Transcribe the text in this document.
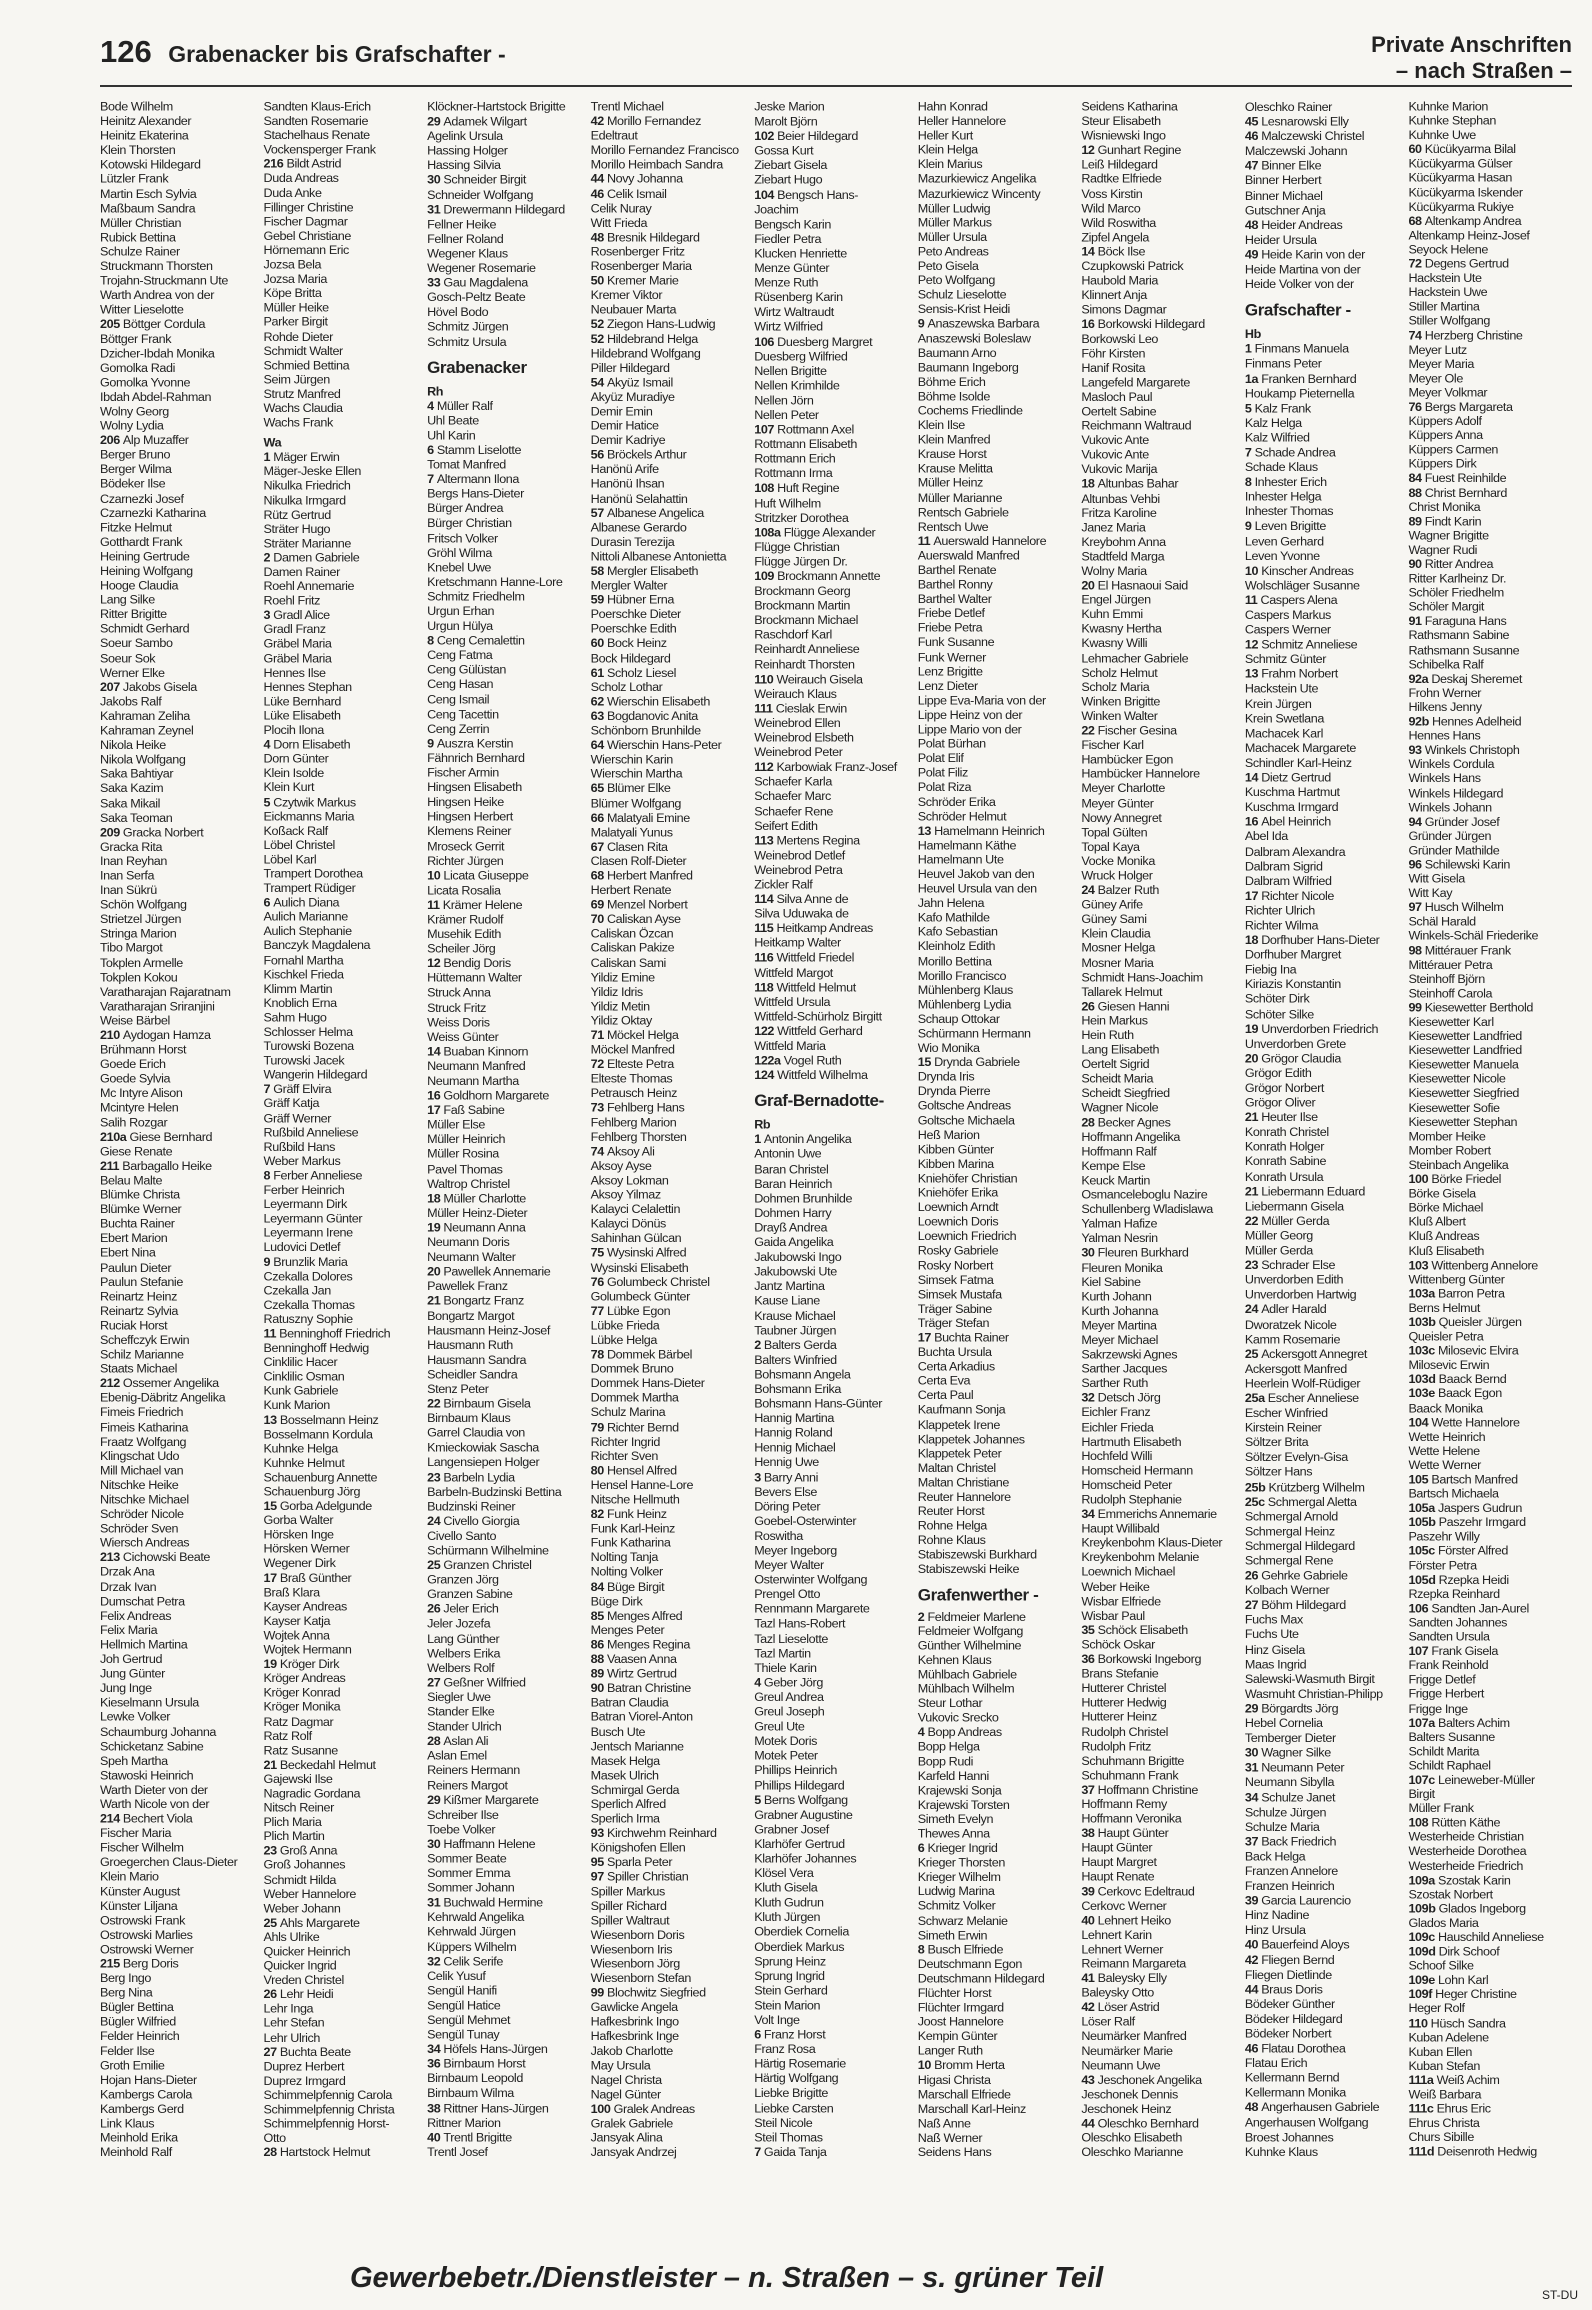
126 Grabenacker bis Grafschafter -	Private Anschriften
– nach Straßen –
Bode Wilhelm
Heinitz Alexander
Heinitz Ekaterina
Klein Thorsten
Kotowski Hildegard
Lützler Frank
Martin Esch Sylvia
Maßbaum Sandra
Müller Christian
Rubick Bettina
Schulze Rainer
Struckmann Thorsten
Trojahn-Struckmann Ute
Warth Andrea von der
Witter Lieselotte
205 Böttger Cordula
Böttger Frank
Dzicher-Ibdah Monika
Gomolka Radi
Gomolka Yvonne
Ibdah Abdel-Rahman
Wolny Georg
Wolny Lydia
206 Alp Muzaffer
Berger Bruno
Berger Wilma
Bödeker Ilse
Czarnezki Josef
Czarnezki Katharina
Fitzke Helmut
Gotthardt Frank
Heining Gertrude
Heining Wolfgang
Hooge Claudia
Lang Silke
Ritter Brigitte
Schmidt Gerhard
Soeur Sambo
Soeur Sok
Werner Elke
207 Jakobs Gisela
Jakobs Ralf
Kahraman Zeliha
Kahraman Zeynel
Nikola Heike
Nikola Wolfgang
Saka Bahtiyar
Saka Kazim
Saka Mikail
Saka Teoman
209 Gracka Norbert
Gracka Rita
Inan Reyhan
Inan Serfa
Inan Sükrü
Schön Wolfgang
Strietzel Jürgen
Stringa Marion
Tibo Margot
Tokplen Armelle
Tokplen Kokou
Varatharajan Rajaratnam
Varatharajan Sriranjini
Weise Bärbel
210 Aydogan Hamza
Brühmann Horst
Goede Erich
Goede Sylvia
Mc Intyre Alison
Mcintyre Helen
Salih Rozgar
210a Giese Bernhard
Giese Renate
211 Barbagallo Heike
Belau Malte
Blümke Christa
Blümke Werner
Buchta Rainer
Ebert Marion
Ebert Nina
Paulun Dieter
Paulun Stefanie
Reinartz Heinz
Reinartz Sylvia
Ruciak Horst
Scheffczyk Erwin
Schilz Marianne
Staats Michael
212 Ossemer Angelika
Ebenig-Däbritz Angelika
Fimeis Friedrich
Fimeis Katharina
Fraatz Wolfgang
Klingschat Udo
Mill Michael van
Nitschke Heike
Nitschke Michael
Schröder Nicole
Schröder Sven
Wiersch Andreas
213 Cichowski Beate
Drzak Ana
Drzak Ivan
Dumschat Petra
Felix Andreas
Felix Maria
Hellmich Martina
Joh Gertrud
Jung Günter
Jung Inge
Kieselmann Ursula
Lewke Volker
Schaumburg Johanna
Schicketanz Sabine
Speh Martha
Stawoski Heinrich
Warth Dieter von der
Warth Nicole von der
214 Bechert Viola
Fischer Maria
Fischer Wilhelm
Groegerchen Claus-Dieter
Klein Mario
Künster August
Künster Liljana
Ostrowski Frank
Ostrowski Marlies
Ostrowski Werner
215 Berg Doris
Berg Ingo
Berg Nina
Bügler Bettina
Bügler Wilfried
Felder Heinrich
Felder Ilse
Groth Emilie
Hojan Hans-Dieter
Kambergs Carola
Kambergs Gerd
Link Klaus
Meinhold Erika
Meinhold Ralf
Sandten Klaus-Erich
Sandten Rosemarie
Stachelhaus Renate
Vockensperger Frank
216 Bildt Astrid
Duda Andreas
Duda Anke
Fillinger Christine
Fischer Dagmar
Gebel Christiane
Hörnemann Eric
Jozsa Bela
Jozsa Maria
Köpe Britta
Müller Heike
Parker Birgit
Rohde Dieter
Schmidt Walter
Schmied Bettina
Seim Jürgen
Strutz Manfred
Wachs Claudia
Wachs Frank
Wa
1 Mäger Erwin
Mäger-Jeske Ellen
Nikulka Friedrich
Nikulka Irmgard
Rütz Gertrud
Sträter Hugo
Sträter Marianne
2 Damen Gabriele
Damen Rainer
Roehl Annemarie
Roehl Fritz
3 Gradl Alice
Gradl Franz
Gräbel Maria
Gräbel Maria
Hennes Ilse
Hennes Stephan
Lüke Bernhard
Lüke Elisabeth
Plocih Ilona
4 Dorn Elisabeth
Dorn Günter
Klein Isolde
Klein Kurt
5 Czytwik Markus
Eickmanns Maria
Koßack Ralf
Löbel Christel
Löbel Karl
Trampert Dorothea
Trampert Rüdiger
6 Aulich Diana
Aulich Marianne
Aulich Stephanie
Banczyk Magdalena
Fornahl Martha
Kischkel Frieda
Klimm Martin
Knoblich Erna
Sahm Hugo
Schlosser Helma
Turowski Bozena
Turowski Jacek
Wangerin Hildegard
7 Gräff Elvira
Gräff Katja
Gräff Werner
Rußbild Anneliese
Rußbild Hans
Weber Markus
8 Ferber Anneliese
Ferber Heinrich
Leyermann Dirk
Leyermann Günter
Leyermann Irene
Ludovici Detlef
9 Brunzlik Maria
Czekalla Dolores
Czekalla Jan
Czekalla Thomas
Ratuszny Sophie
11 Benninghoff Friedrich
Benninghoff Hedwig
Cinklilic Hacer
Cinklilic Osman
Kunk Gabriele
Kunk Marion
13 Bosselmann Heinz
Bosselmann Kordula
Kuhnke Helga
Kuhnke Helmut
Schauenburg Annette
Schauenburg Jörg
15 Gorba Adelgunde
Gorba Walter
Hörsken Inge
Hörsken Werner
Wegener Dirk
17 Braß Günther
Braß Klara
Kayser Andreas
Kayser Katja
Wojtek Anna
Wojtek Hermann
19 Kröger Dirk
Kröger Andreas
Kröger Konrad
Kröger Monika
Ratz Dagmar
Ratz Rolf
Ratz Susanne
21 Beckedahl Helmut
Gajewski Ilse
Nagradic Gordana
Nitsch Reiner
Plich Maria
Plich Martin
23 Groß Anna
Groß Johannes
Schmidt Hilda
Weber Hannelore
Weber Johann
25 Ahls Margarete
Ahls Ulrike
Quicker Heinrich
Quicker Ingrid
Vreden Christel
26 Lehr Heidi
Lehr Inga
Lehr Stefan
Lehr Ulrich
27 Buchta Beate
Duprez Herbert
Duprez Irmgard
Schimmelpfennig Carola
Schimmelpfennig Christa
Schimmelpfennig Horst-
Otto
28 Hartstock Helmut
Klöckner-Hartstock Brigitte
29 Adamek Wilgart
Agelink Ursula
Hassing Holger
Hassing Silvia
30 Schneider Birgit
Schneider Wolfgang
31 Drewermann Hildegard
Fellner Heike
Fellner Roland
Wegener Klaus
Wegener Rosemarie
33 Gau Magdalena
Gosch-Peltz Beate
Hövel Bodo
Schmitz Jürgen
Schmitz Ursula
Grabenacker
Rh
4 Müller Ralf
Uhl Beate
Uhl Karin
6 Stamm Liselotte
Tomat Manfred
7 Altermann Ilona
Bergs Hans-Dieter
Bürger Andrea
Bürger Christian
Fritsch Volker
Gröhl Wilma
Knebel Uwe
Kretschmann Hanne-Lore
Schmitz Friedhelm
Urgun Erhan
Urgun Hülya
8 Ceng Cemalettin
Ceng Fatma
Ceng Gülüstan
Ceng Hasan
Ceng Ismail
Ceng Tacettin
Ceng Zerrin
9 Auszra Kerstin
Fähnrich Bernhard
Fischer Armin
Hingsen Elisabeth
Hingsen Heike
Hingsen Herbert
Klemens Reiner
Mroseck Gerrit
Richter Jürgen
10 Licata Giuseppe
Licata Rosalia
11 Krämer Helene
Krämer Rudolf
Musehik Edith
Scheiler Jörg
12 Bendig Doris
Hüttemann Walter
Struck Anna
Struck Fritz
Weiss Doris
Weiss Günter
14 Buaban Kinnorn
Neumann Manfred
Neumann Martha
16 Goldhorn Margarete
17 Faß Sabine
Müller Else
Müller Heinrich
Müller Rosina
Pavel Thomas
Waltrop Christel
18 Müller Charlotte
Müller Heinz-Dieter
19 Neumann Anna
Neumann Doris
Neumann Walter
20 Pawellek Annemarie
Pawellek Franz
21 Bongartz Franz
Bongartz Margot
Hausmann Heinz-Josef
Hausmann Ruth
Hausmann Sandra
Scheidler Sandra
Stenz Peter
22 Birnbaum Gisela
Birnbaum Klaus
Garrel Claudia von
Kmieckowiak Sascha
Langensiepen Holger
23 Barbeln Lydia
Barbeln-Budzinski Bettina
Budzinski Reiner
24 Civello Giorgia
Civello Santo
Schürmann Wilhelmine
25 Granzen Christel
Granzen Jörg
Granzen Sabine
26 Jeler Erich
Jeler Jozefa
Lang Günther
Welbers Erika
Welbers Rolf
27 Geßner Wilfried
Siegler Uwe
Stander Elke
Stander Ulrich
28 Aslan Ali
Aslan Emel
Reiners Hermann
Reiners Margot
29 Kißmer Margarete
Schreiber Ilse
Toebe Volker
30 Haffmann Helene
Sommer Beate
Sommer Emma
Sommer Johann
31 Buchwald Hermine
Kehrwald Angelika
Kehrwald Jürgen
Küppers Wilhelm
32 Celik Serife
Celik Yusuf
Sengül Hanifi
Sengül Hatice
Sengül Mehmet
Sengül Tunay
34 Höfels Hans-Jürgen
36 Birnbaum Horst
Birnbaum Leopold
Birnbaum Wilma
38 Rittner Hans-Jürgen
Rittner Marion
40 Trentl Brigitte
Trentl Josef
Trentl Michael
42 Morillo Fernandez
Edeltraut
Morillo Fernandez Francisco
Morillo Heimbach Sandra
44 Novy Johanna
46 Celik Ismail
Celik Nuray
Witt Frieda
48 Bresnik Hildegard
Rosenberger Fritz
Rosenberger Maria
50 Kremer Marie
Kremer Viktor
Neubauer Marta
52 Ziegon Hans-Ludwig
52 Hildebrand Helga
Hildebrand Wolfgang
Piller Hildegard
54 Akyüz Ismail
Akyüz Muradiye
Demir Emin
Demir Hatice
Demir Kadriye
56 Bröckels Arthur
Hanönü Arife
Hanönü Ihsan
Hanönü Selahattin
57 Albanese Angelica
Albanese Gerardo
Durasin Terezija
Nittoli Albanese Antonietta
58 Mergler Elisabeth
Mergler Walter
59 Hübner Erna
Poerschke Dieter
Poerschke Edith
60 Bock Heinz
Bock Hildegard
61 Scholz Liesel
Scholz Lothar
62 Wierschin Elisabeth
63 Bogdanovic Anita
Schönborn Brunhilde
64 Wierschin Hans-Peter
Wierschin Karin
Wierschin Martha
65 Blümer Elke
Blümer Wolfgang
66 Malatyali Emine
Malatyali Yunus
67 Clasen Rita
Clasen Rolf-Dieter
68 Herbert Manfred
Herbert Renate
69 Menzel Norbert
70 Caliskan Ayse
Caliskan Özcan
Caliskan Pakize
Caliskan Sami
Yildiz Emine
Yildiz Idris
Yildiz Metin
Yildiz Oktay
71 Möckel Helga
Möckel Manfred
72 Elteste Petra
Elteste Thomas
Petrausch Heinz
73 Fehlberg Hans
Fehlberg Marion
Fehlberg Thorsten
74 Aksoy Ali
Aksoy Ayse
Aksoy Lokman
Aksoy Yilmaz
Kalayci Celalettin
Kalayci Dönüs
Sahinhan Gülcan
75 Wysinski Alfred
Wysinski Elisabeth
76 Golumbeck Christel
Golumbeck Günter
77 Lübke Egon
Lübke Frieda
Lübke Helga
78 Dommek Bärbel
Dommek Bruno
Dommek Hans-Dieter
Dommek Martha
Schulz Marina
79 Richter Bernd
Richter Ingrid
Richter Sven
80 Hensel Alfred
Hensel Hanne-Lore
Nitsche Hellmuth
82 Funk Heinz
Funk Karl-Heinz
Funk Katharina
Nolting Tanja
Nolting Volker
84 Büge Birgit
Büge Dirk
85 Menges Alfred
Menges Peter
86 Menges Regina
88 Vaasen Anna
89 Wirtz Gertrud
90 Batran Christine
Batran Claudia
Batran Viorel-Anton
Busch Ute
Jentsch Marianne
Masek Helga
Masek Ulrich
Schmirgal Gerda
Sperlich Alfred
Sperlich Irma
93 Kirchwehm Reinhard
Königshofen Ellen
95 Sparla Peter
97 Spiller Christian
Spiller Markus
Spiller Richard
Spiller Waltraut
Wiesenborn Doris
Wiesenborn Iris
Wiesenborn Jörg
Wiesenborn Stefan
99 Blochwitz Siegfried
Gawlicke Angela
Hafkesbrink Ingo
Hafkesbrink Inge
Jakob Charlotte
May Ursula
Nagel Christa
Nagel Günter
100 Gralek Andreas
Gralek Gabriele
Jansyak Alina
Jansyak Andrzej
Jeske Marion
Marolt Björn
102 Beier Hildegard
Gossa Kurt
Ziebart Gisela
Ziebart Hugo
104 Bengsch Hans-
Joachim
Bengsch Karin
Fiedler Petra
Klucken Henriette
Menze Günter
Menze Ruth
Rüsenberg Karin
Wirtz Waltraudt
Wirtz Wilfried
106 Duesberg Margret
Duesberg Wilfried
Nellen Brigitte
Nellen Krimhilde
Nellen Jörn
Nellen Peter
107 Rottmann Axel
Rottmann Elisabeth
Rottmann Erich
Rottmann Irma
108 Huft Regine
Huft Wilhelm
Stritzker Dorothea
108a Flügge Alexander
Flügge Christian
Flügge Jürgen Dr.
109 Brockmann Annette
Brockmann Georg
Brockmann Martin
Brockmann Michael
Raschdorf Karl
Reinhardt Anneliese
Reinhardt Thorsten
110 Weirauch Gisela
Weirauch Klaus
111 Cieslak Erwin
Weinebrod Ellen
Weinebrod Elsbeth
Weinebrod Peter
112 Karbowiak Franz-Josef
Schaefer Karla
Schaefer Marc
Schaefer Rene
Seifert Edith
113 Mertens Regina
Weinebrod Detlef
Weinebrod Petra
Zickler Ralf
114 Silva Anne de
Silva Uduwaka de
115 Heitkamp Andreas
Heitkamp Walter
116 Wittfeld Friedel
Wittfeld Margot
118 Wittfeld Helmut
Wittfeld Ursula
Wittfeld-Schürholz Birgitt
122 Wittfeld Gerhard
Wittfeld Maria
122a Vogel Ruth
124 Wittfeld Wilhelma
Graf-Bernadotte-
Rb
1 Antonin Angelika
Antonin Uwe
Baran Christel
Baran Heinrich
Dohmen Brunhilde
Dohmen Harry
Drayß Andrea
Gaida Angelika
Jakubowski Ingo
Jakubowski Ute
Jantz Martina
Kause Liane
Krause Michael
Taubner Jürgen
2 Balters Gerda
Balters Winfried
Bohsmann Angela
Bohsmann Erika
Bohsmann Hans-Günter
Hannig Martina
Hannig Roland
Hennig Michael
Hennig Uwe
3 Barry Anni
Bevers Else
Döring Peter
Goebel-Osterwinter
Roswitha
Meyer Ingeborg
Meyer Walter
Osterwinter Wolfgang
Prengel Otto
Rennmann Margarete
Tazl Hans-Robert
Tazl Lieselotte
Tazl Martin
Thiele Karin
4 Geber Jörg
Greul Andrea
Greul Joseph
Greul Ute
Motek Doris
Motek Peter
Phillips Heinrich
Phillips Hildegard
5 Berns Wolfgang
Grabner Augustine
Grabner Josef
Klarhöfer Gertrud
Klarhöfer Johannes
Klösel Vera
Kluth Gisela
Kluth Gudrun
Kluth Jürgen
Oberdiek Cornelia
Oberdiek Markus
Sprung Heinz
Sprung Ingrid
Stein Gerhard
Stein Marion
Volt Inge
6 Franz Horst
Franz Rosa
Härtig Rosemarie
Härtig Wolfgang
Liebke Brigitte
Liebke Carsten
Steil Nicole
Steil Thomas
7 Gaida Tanja
Hahn Konrad
Heller Hannelore
Heller Kurt
Klein Helga
Klein Marius
Mazurkiewicz Angelika
Mazurkiewicz Wincenty
Müller Ludwig
Müller Markus
Müller Ursula
Peto Andreas
Peto Gisela
Peto Wolfgang
Schulz Lieselotte
Sensis-Krist Heidi
9 Anaszewska Barbara
Anaszewski Boleslaw
Baumann Arno
Baumann Ingeborg
Böhme Erich
Böhme Isolde
Cochems Friedlinde
Klein Ilse
Klein Manfred
Krause Horst
Krause Melitta
Müller Heinz
Müller Marianne
Rentsch Gabriele
Rentsch Uwe
11 Auerswald Hannelore
Auerswald Manfred
Barthel Renate
Barthel Ronny
Barthel Walter
Friebe Detlef
Friebe Petra
Funk Susanne
Funk Werner
Lenz Brigitte
Lenz Dieter
Lippe Eva-Maria von der
Lippe Heinz von der
Lippe Mario von der
Polat Bürhan
Polat Elif
Polat Filiz
Polat Riza
Schröder Erika
Schröder Helmut
13 Hamelmann Heinrich
Hamelmann Käthe
Hamelmann Ute
Heuvel Jakob van den
Heuvel Ursula van den
Jahn Helena
Kafo Mathilde
Kafo Sebastian
Kleinholz Edith
Morillo Bettina
Morillo Francisco
Mühlenberg Klaus
Mühlenberg Lydia
Schaup Ottokar
Schürmann Hermann
Wio Monika
15 Drynda Gabriele
Drynda Iris
Drynda Pierre
Goltsche Andreas
Goltsche Michaela
Heß Marion
Kibben Günter
Kibben Marina
Kniehöfer Christian
Kniehöfer Erika
Loewnich Arndt
Loewnich Doris
Loewnich Friedrich
Rosky Gabriele
Rosky Norbert
Simsek Fatma
Simsek Mustafa
Träger Sabine
Träger Stefan
17 Buchta Rainer
Buchta Ursula
Certa Arkadius
Certa Eva
Certa Paul
Kaufmann Sonja
Klappetek Irene
Klappetek Johannes
Klappetek Peter
Maltan Christel
Maltan Christiane
Reuter Hannelore
Reuter Horst
Rohne Helga
Rohne Klaus
Stabiszewski Burkhard
Stabiszewski Heike
Grafenwerther -
2 Feldmeier Marlene
Feldmeier Wolfgang
Günther Wilhelmine
Kehnen Klaus
Mühlbach Gabriele
Mühlbach Wilhelm
Steur Lothar
Vukovic Srecko
4 Bopp Andreas
Bopp Helga
Bopp Rudi
Karfeld Hanni
Krajewski Sonja
Krajewski Torsten
Simeth Evelyn
Thewes Anna
6 Krieger Ingrid
Krieger Thorsten
Krieger Wilhelm
Ludwig Marina
Schmitz Volker
Schwarz Melanie
Simeth Erwin
8 Busch Elfriede
Deutschmann Egon
Deutschmann Hildegard
Flüchter Horst
Flüchter Irmgard
Joost Hannelore
Kempin Günter
Langer Ruth
10 Bromm Herta
Higasi Christa
Marschall Elfriede
Marschall Karl-Heinz
Naß Anne
Naß Werner
Seidens Hans
Seidens Katharina
Steur Elisabeth
Wisniewski Ingo
12 Gunhart Regine
Leiß Hildegard
Radtke Elfriede
Voss Kirstin
Wild Marco
Wild Roswitha
Zipfel Angela
14 Böck Ilse
Czupkowski Patrick
Haubold Maria
Klinnert Anja
Simons Dagmar
16 Borkowski Hildegard
Borkowski Leo
Föhr Kirsten
Hanif Rosita
Langefeld Margarete
Masloch Paul
Oertelt Sabine
Reichmann Waltraud
Vukovic Ante
Vukovic Ante
Vukovic Marija
18 Altunbas Bahar
Altunbas Vehbi
Fritza Karoline
Janez Maria
Kreybohm Anna
Stadtfeld Marga
Wolny Maria
20 El Hasnaoui Said
Engel Jürgen
Kuhn Emmi
Kwasny Hertha
Kwasny Willi
Lehmacher Gabriele
Scholz Helmut
Scholz Maria
Winken Brigitte
Winken Walter
22 Fischer Gesina
Fischer Karl
Hambücker Egon
Hambücker Hannelore
Meyer Charlotte
Meyer Günter
Nowy Annegret
Topal Gülten
Topal Kaya
Vocke Monika
Wruck Holger
24 Balzer Ruth
Güney Arife
Güney Sami
Klein Claudia
Mosner Helga
Mosner Maria
Schmidt Hans-Joachim
Tallarek Helmut
26 Giesen Hanni
Hein Markus
Hein Ruth
Lang Elisabeth
Oertelt Sigrid
Scheidt Maria
Scheidt Siegfried
Wagner Nicole
28 Becker Agnes
Hoffmann Angelika
Hoffmann Ralf
Kempe Else
Keuck Martin
Osmanceleboglu Nazire
Schullenberg Wladislawa
Yalman Hafize
Yalman Nesrin
30 Fleuren Burkhard
Fleuren Monika
Kiel Sabine
Kurth Johann
Kurth Johanna
Meyer Martina
Meyer Michael
Sakrzewski Agnes
Sarther Jacques
Sarther Ruth
32 Detsch Jörg
Eichler Franz
Eichler Frieda
Hartmuth Elisabeth
Hochfeld Willi
Homscheid Hermann
Homscheid Peter
Rudolph Stephanie
34 Emmerichs Annemarie
Haupt Willibald
Kreykenbohm Klaus-Dieter
Kreykenbohm Melanie
Loewnich Michael
Weber Heike
Wisbar Elfriede
Wisbar Paul
35 Schöck Elisabeth
Schöck Oskar
36 Borkowski Ingeborg
Brans Stefanie
Hutterer Christel
Hutterer Hedwig
Hutterer Heinz
Rudolph Christel
Rudolph Fritz
Schuhmann Brigitte
Schuhmann Frank
37 Hoffmann Christine
Hoffmann Remy
Hoffmann Veronika
38 Haupt Günter
Haupt Günter
Haupt Margret
Haupt Renate
39 Cerkovc Edeltraud
Cerkovc Werner
40 Lehnert Heiko
Lehnert Karin
Lehnert Werner
Reimann Margareta
41 Baleysky Elly
Baleysky Otto
42 Löser Astrid
Löser Ralf
Neumärker Manfred
Neumärker Marie
Neumann Uwe
43 Jeschonek Angelika
Jeschonek Dennis
Jeschonek Heinz
44 Oleschko Bernhard
Oleschko Elisabeth
Oleschko Marianne
Oleschko Rainer
45 Lesnarowski Elly
46 Malczewski Christel
Malczewski Johann
47 Binner Elke
Binner Herbert
Binner Michael
Gutschner Anja
48 Heider Andreas
Heider Ursula
49 Heide Karin von der
Heide Martina von der
Heide Volker von der
Grafschafter -
Hb
1 Finmans Manuela
Finmans Peter
1a Franken Bernhard
Houkamp Pieternella
5 Kalz Frank
Kalz Helga
Kalz Wilfried
7 Schade Andrea
Schade Klaus
8 Inhester Erich
Inhester Helga
Inhester Thomas
9 Leven Brigitte
Leven Gerhard
Leven Yvonne
10 Kinscher Andreas
Wolschläger Susanne
11 Caspers Alena
Caspers Markus
Caspers Werner
12 Schmitz Anneliese
Schmitz Günter
13 Frahm Norbert
Hackstein Ute
Krein Jürgen
Krein Swetlana
Machacek Karl
Machacek Margarete
Schindler Karl-Heinz
14 Dietz Gertrud
Kuschma Hartmut
Kuschma Irmgard
16 Abel Heinrich
Abel Ida
Dalbram Alexandra
Dalbram Sigrid
Dalbram Wilfried
17 Richter Nicole
Richter Ulrich
Richter Wilma
18 Dorfhuber Hans-Dieter
Dorfhuber Margret
Fiebig Ina
Kiriazis Konstantin
Schöter Dirk
Schöter Silke
19 Unverdorben Friedrich
Unverdorben Grete
20 Grögor Claudia
Grögor Edith
Grögor Norbert
Grögor Oliver
21 Heuter Ilse
Konrath Christel
Konrath Holger
Konrath Sabine
Konrath Ursula
21 Liebermann Eduard
Liebermann Gisela
22 Müller Gerda
Müller Georg
Müller Gerda
23 Schrader Else
Unverdorben Edith
Unverdorben Hartwig
24 Adler Harald
Dworatzek Nicole
Kamm Rosemarie
25 Ackersgott Annegret
Ackersgott Manfred
Heerlein Wolf-Rüdiger
25a Escher Anneliese
Escher Winfried
Kirstein Reiner
Söltzer Brita
Söltzer Evelyn-Gisa
Söltzer Hans
25b Krützberg Wilhelm
25c Schmergal Aletta
Schmergal Arnold
Schmergal Heinz
Schmergal Hildegard
Schmergal Rene
26 Gehrke Gabriele
Kolbach Werner
27 Böhm Hildegard
Fuchs Max
Fuchs Ute
Hinz Gisela
Maas Ingrid
Salewski-Wasmuth Birgit
Wasmuht Christian-Philipp
29 Börgardts Jörg
Hebel Cornelia
Temberger Dieter
30 Wagner Silke
31 Neumann Peter
Neumann Sibylla
34 Schulze Janet
Schulze Jürgen
Schulze Maria
37 Back Friedrich
Back Helga
Franzen Annelore
Franzen Heinrich
39 Garcia Laurencio
Hinz Nadine
Hinz Ursula
40 Bauerfeind Aloys
42 Fliegen Bernd
Fliegen Dietlinde
44 Braus Doris
Bödeker Günther
Bödeker Hildegard
Bödeker Norbert
46 Flatau Dorothea
Flatau Erich
Kellermann Bernd
Kellermann Monika
48 Angerhausen Gabriele
Angerhausen Wolfgang
Broest Johannes
Kuhnke Klaus
Kuhnke Marion
Kuhnke Stephan
Kuhnke Uwe
60 Kücükyarma Bilal
Kücükyarma Gülser
Kücükyarma Hasan
Kücükyarma Iskender
Kücükyarma Rukiye
68 Altenkamp Andrea
Altenkamp Heinz-Josef
Seyock Helene
72 Degens Gertrud
Hackstein Ute
Hackstein Uwe
Stiller Martina
Stiller Wolfgang
74 Herzberg Christine
Meyer Lutz
Meyer Maria
Meyer Ole
Meyer Volkmar
76 Bergs Margareta
Küppers Adolf
Küppers Anna
Küppers Carmen
Küppers Dirk
84 Fuest Reinhilde
88 Christ Bernhard
Christ Monika
89 Findt Karin
Wagner Brigitte
Wagner Rudi
90 Ritter Andrea
Ritter Karlheinz Dr.
Schöler Friedhelm
Schöler Margit
91 Faraguna Hans
Rathsmann Sabine
Rathsmann Susanne
Schibelka Ralf
92a Deskaj Sheremet
Frohn Werner
Hilkens Jenny
92b Hennes Adelheid
Hennes Hans
93 Winkels Christoph
Winkels Cordula
Winkels Hans
Winkels Hildegard
Winkels Johann
94 Gründer Josef
Gründer Jürgen
Gründer Mathilde
96 Schilewski Karin
Witt Gisela
Witt Kay
97 Husch Wilhelm
Schäl Harald
Winkels-Schäl Friederike
98 Mittérauer Frank
Mittérauer Petra
Steinhoff Björn
Steinhoff Carola
99 Kiesewetter Berthold
Kiesewetter Karl
Kiesewetter Landfried
Kiesewetter Landfried
Kiesewetter Manuela
Kiesewetter Nicole
Kiesewetter Siegfried
Kiesewetter Sofie
Kiesewetter Stephan
Momber Heike
Momber Robert
Steinbach Angelika
100 Börke Friedel
Börke Gisela
Börke Michael
Kluß Albert
Kluß Andreas
Kluß Elisabeth
103 Wittenberg Annelore
Wittenberg Günter
103a Barron Petra
Berns Helmut
103b Queisler Jürgen
Queisler Petra
103c Milosevic Elvira
Milosevic Erwin
103d Baack Bernd
103e Baack Egon
Baack Monika
104 Wette Hannelore
Wette Heinrich
Wette Helene
Wette Werner
105 Bartsch Manfred
Bartsch Michaela
105a Jaspers Gudrun
105b Paszehr Irmgard
Paszehr Willy
105c Förster Alfred
Förster Petra
105d Rzepka Heidi
Rzepka Reinhard
106 Sandten Jan-Aurel
Sandten Johannes
Sandten Ursula
107 Frank Gisela
Frank Reinhold
Frigge Detlef
Frigge Herbert
Frigge Inge
107a Balters Achim
Balters Susanne
Schildt Marita
Schildt Raphael
107c Leineweber-Müller
Birgit
Müller Frank
108 Rütten Käthe
Westerheide Christian
Westerheide Dorothea
Westerheide Friedrich
109a Szostak Karin
Szostak Norbert
109b Glados Ingeborg
Glados Maria
109c Hauschild Anneliese
109d Dirk Schoof
Schoof Silke
109e Lohn Karl
109f Heger Christine
Heger Rolf
110 Hüsch Sandra
Kuban Adelene
Kuban Ellen
Kuban Stefan
111a Weiß Achim
Weiß Barbara
111c Ehrus Eric
Ehrus Christa
Churs Sibille
111d Deisenroth Hedwig
Gewerbebetr./Dienstleister – n. Straßen – s. grüner Teil
ST-DU
